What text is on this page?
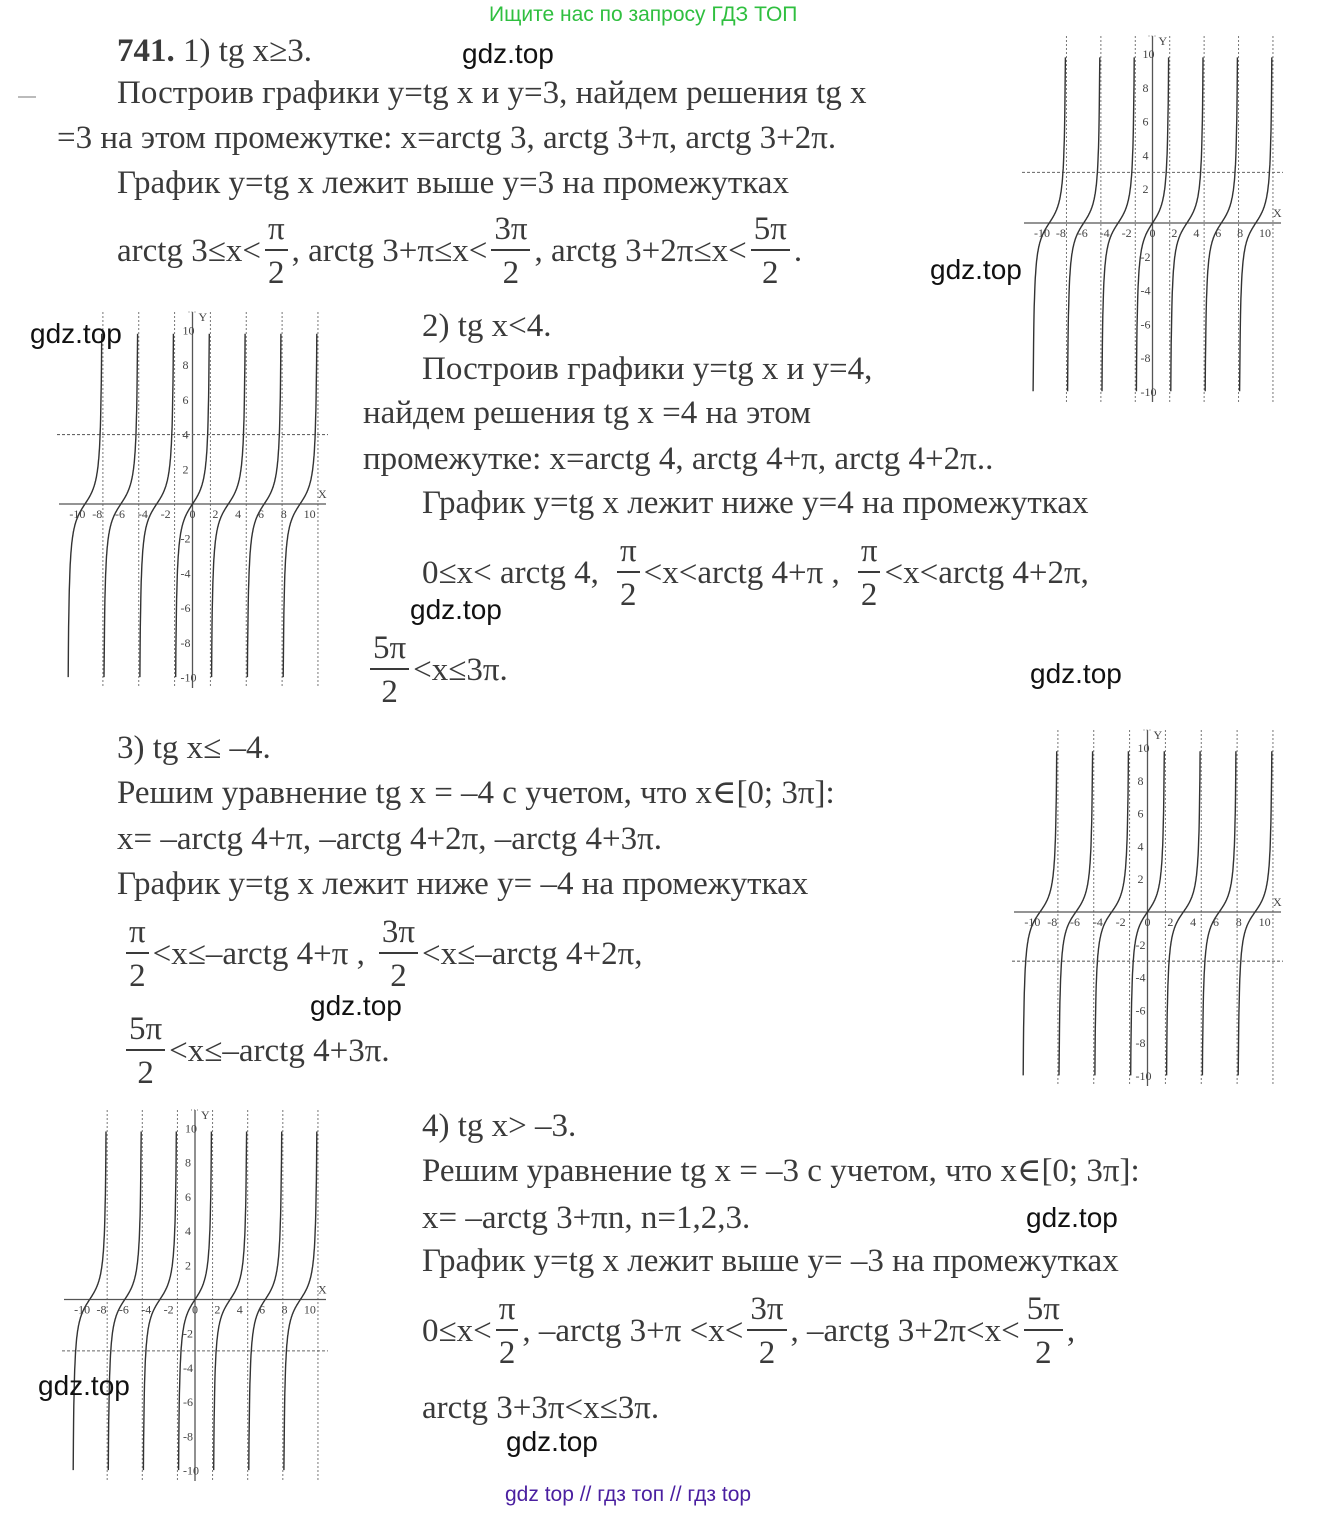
Ищите нас по запросу ГДЗ ТОП
741. 1) tg x≥3.
Построив графики y=tg x и y=3, найдем решения tg x
=3 на этом промежутке: x=arctg 3, arctg 3+π, arctg 3+2π.
График y=tg x лежит выше y=3 на промежутках
arctg $3\le x< \frac{\pi}{2}$ , arctg $3+\pi\le x< \frac{3\pi}{2}$ , arctg $3+2\pi\le x< \frac{5\pi}{2}$ .
2) tg x<4.
Построив графики y=tg x и y=4,
найдем решения tg x =4 на этом
промежутке: x=arctg 4, arctg 4+π, arctg 4+2π..
График y=tg x лежит ниже y=4 на промежутках
0≤x< arctg 4, $\frac{\pi}{2}$ <x<arctg 4+π , $\frac{\pi}{2}$ <x<arctg 4+2π,
$\frac{5\pi}{2} <x\le 3\pi$.
3) tg x≤ –4.
Решим уравнение tg x = –4 с учетом, что x∈[0; 3π]:
x= –arctg 4+π, –arctg 4+2π, –arctg 4+3π.
График y=tg x лежит ниже y= –4 на промежутках
$\frac{\pi}{2}$ <x≤–arctg 4+π , $\frac{3\pi}{2}$ <x≤–arctg 4+2π,
$\frac{5\pi}{2}$ <x≤–arctg 4+3π.
4) tg x> –3.
Решим уравнение tg x = –3 с учетом, что x∈[0; 3π]:
x= –arctg 3+πn, n=1,2,3.
График y=tg x лежит выше y= –3 на промежутках
$0\le x< \frac{\pi}{2}$ , –arctg $3+\pi <x< \frac{3\pi}{2}$ , –arctg $3+2\pi<x< \frac{5\pi}{2}$ ,
arctg 3+3π<x≤3π.
-10 -8 -6 -4 -2 0 2 4 6 8 10
10
8
6
4
2
-2
-4
-6
-8
-10
Y
X
-10 -8 -6 -4 -2 0 2 4 6 8 10
10
8
6
4
2
-2
-4
-6
-8
-10
Y
X
-10 -8 -6 -4 -2 0 2 4 6 8 10
10
8
6
4
2
-2
-4
-6
-8
-10
Y
X
-10 -8 -6 -4 -2 0 2 4 6 8 10
10
8
6
4
2
-2
-4
-6
-8
-10
Y
X
gdz.top
gdz.top
gdz.top
gdz.top
gdz.top
gdz.top
gdz.top
gdz.top
gdz.top
gdz top // гдз топ // гдз top
